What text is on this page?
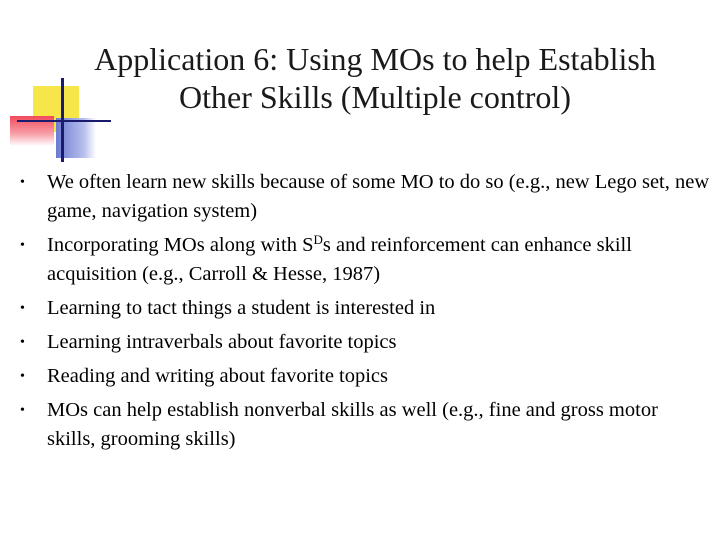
Application 6: Using MOs to help Establish
Other Skills (Multiple control)
• We often learn new skills because of some MO to do so (e.g., new Lego set, new game, navigation system)
• Incorporating MOs along with $S^Ds$ and reinforcement can enhance skill acquisition (e.g., Carroll & Hesse, 1987)
• Learning to tact things a student is interested in
• Learning intraverbals about favorite topics
• Reading and writing about favorite topics
• MOs can help establish nonverbal skills as well (e.g., fine and gross motor skills, grooming skills)
